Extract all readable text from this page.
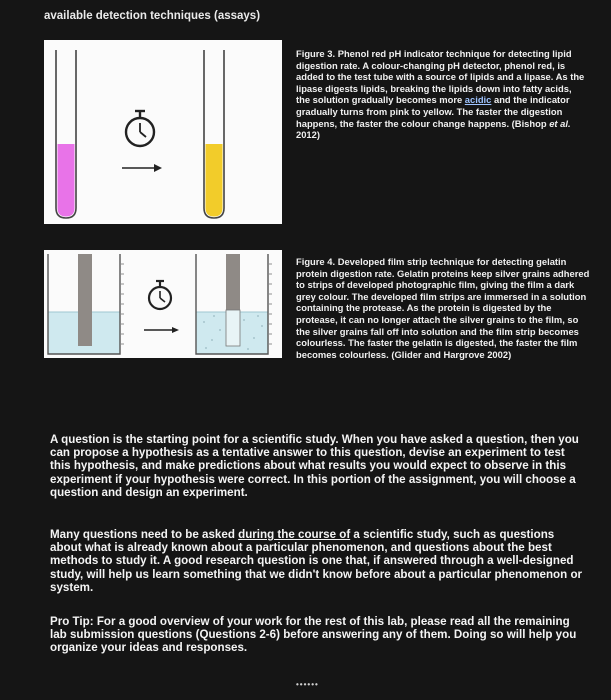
available detection techniques (assays)
Figure 3. Phenol red pH indicator technique for detecting lipid digestion rate. A colour-changing pH detector, phenol red, is added to the test tube with a source of lipids and a lipase. As the lipase digests lipids, breaking the lipids down into fatty acids, the solution gradually becomes more acidic and the indicator gradually turns from pink to yellow. The faster the digestion happens, the faster the colour change happens. (Bishop et al. 2012)
Figure 4. Developed film strip technique for detecting gelatin protein digestion rate. Gelatin proteins keep silver grains adhered to strips of developed photographic film, giving the film a dark grey colour. The developed film strips are immersed in a solution containing the protease. As the protein is digested by the protease, it can no longer attach the silver grains to the film, so the silver grains fall off into solution and the film strip becomes colourless. The faster the gelatin is digested, the faster the film becomes colourless. (Glider and Hargrove 2002)
A question is the starting point for a scientific study. When you have asked a question, then you can propose a hypothesis as a tentative answer to this question, devise an experiment to test this hypothesis, and make predictions about what results you would expect to observe in this experiment if your hypothesis were correct. In this portion of the assignment, you will choose a question and design an experiment.
Many questions need to be asked during the course of a scientific study, such as questions about what is already known about a particular phenomenon, and questions about the best methods to study it. A good research question is one that, if answered through a well-designed study, will help us learn something that we didn't know before about a particular phenomenon or system.
Pro Tip: For a good overview of your work for the rest of this lab, please read all the remaining lab submission questions (Questions 2-6) before answering any of them. Doing so will help you organize your ideas and responses.
••••••
